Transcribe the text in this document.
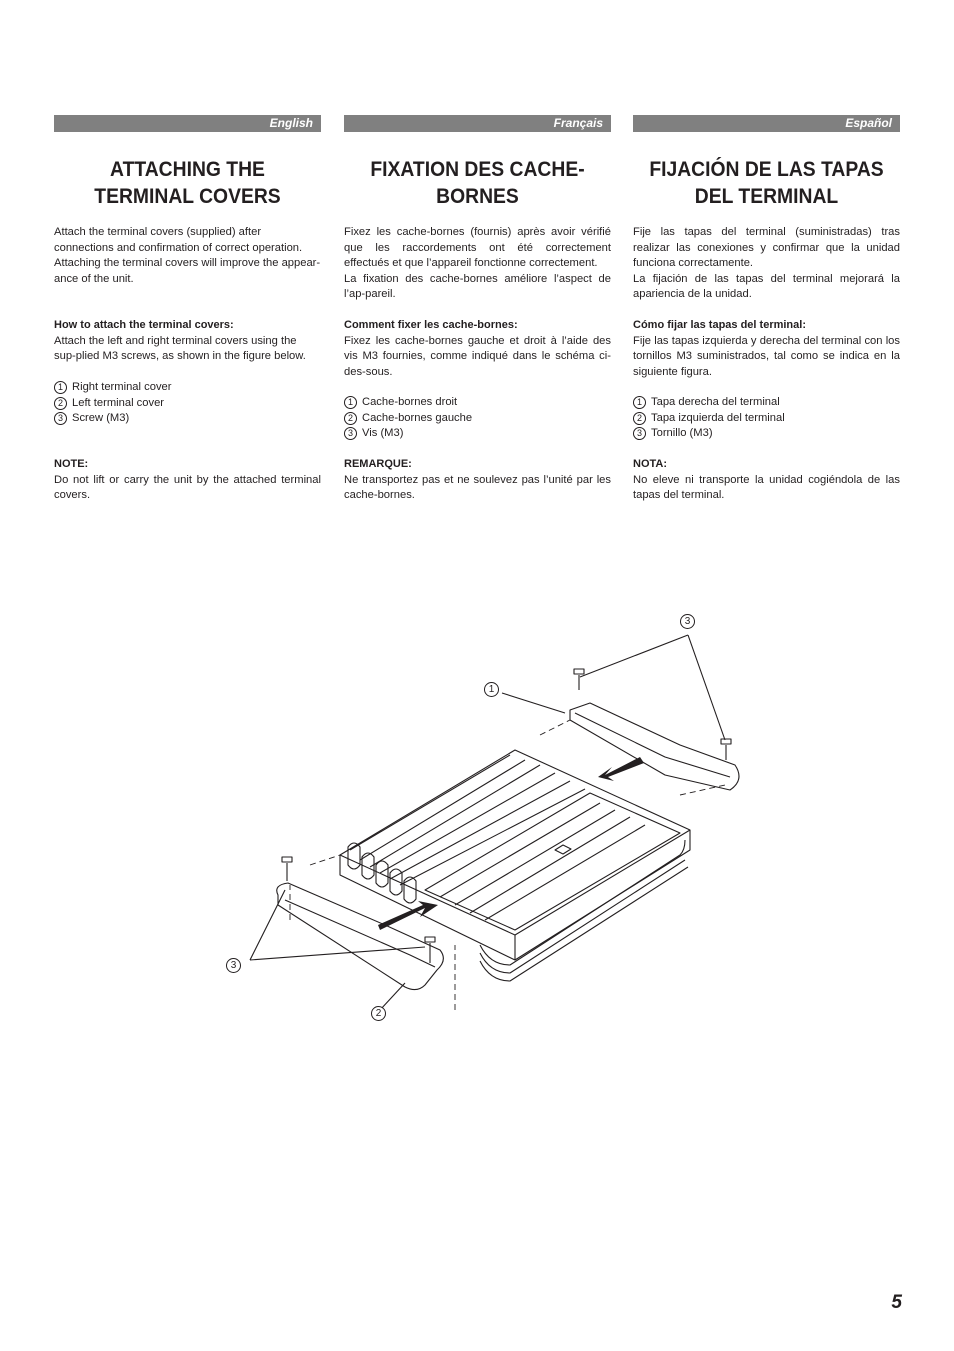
English
ATTACHING THE TERMINAL COVERS

Attach the terminal covers (supplied) after connections and confirmation of correct operation.

Attaching the terminal covers will improve the appear-ance of the unit.

How to attach the terminal covers:

Attach the left and right terminal covers using the sup-plied M3 screws, as shown in the figure below.

1 Right terminal cover
2 Left terminal cover
3 Screw (M3)

NOTE:

Do not lift or carry the unit by the attached terminal covers.

Français
FIXATION DES CACHE-BORNES

Fixez les cache-bornes (fournis) après avoir vérifié que les raccordements ont été correctement effectués et que l’appareil fonctionne correctement.

La fixation des cache-bornes améliore l’aspect de l’ap-pareil.

Comment fixer les cache-bornes:

Fixez les cache-bornes gauche et droit à l’aide des vis M3 fournies, comme indiqué dans le schéma ci-des-sous.

1 Cache-bornes droit
2 Cache-bornes gauche
3 Vis (M3)

REMARQUE:

Ne transportez pas et ne soulevez pas l’unité par les cache-bornes.

Español
FIJACIÓN DE LAS TAPAS DEL TERMINAL

Fije las tapas del terminal (suministradas) tras realizar las conexiones y confirmar que la unidad funciona correctamente.

La fijación de las tapas del terminal mejorará la apariencia de la unidad.

Cómo fijar las tapas del terminal:

Fije las tapas izquierda y derecha del terminal con los tornillos M3 suministrados, tal como se indica en la siguiente figura.

1 Tapa derecha del terminal
2 Tapa izquierda del terminal
3 Tornillo (M3)

NOTA:

No eleve ni transporte la unidad cogiéndola de las tapas del terminal.

3
1
3
2
5
